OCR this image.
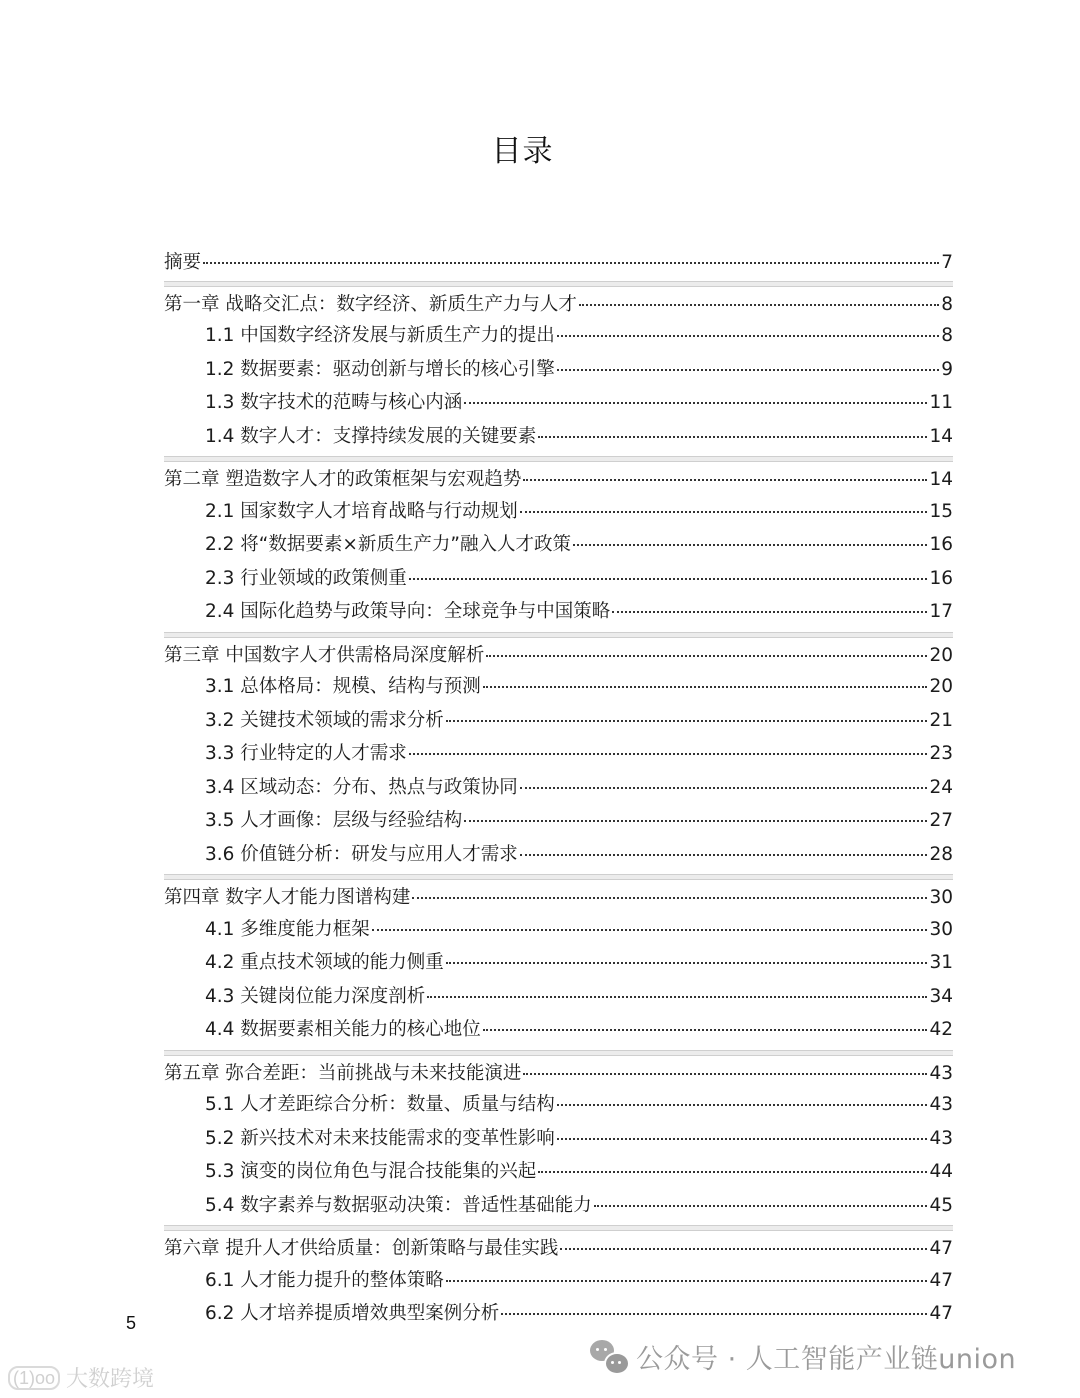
目录
摘要	7
第一章 战略交汇点：数字经济、新质生产力与人才	8
1.1 中国数字经济发展与新质生产力的提出	8
1.2 数据要素：驱动创新与增长的核心引擎	9
1.3 数字技术的范畴与核心内涵	11
1.4 数字人才：支撑持续发展的关键要素	14
第二章 塑造数字人才的政策框架与宏观趋势	14
2.1 国家数字人才培育战略与行动规划	15
2.2 将“数据要素×新质生产力”融入人才政策	16
2.3 行业领域的政策侧重	16
2.4 国际化趋势与政策导向：全球竞争与中国策略	17
第三章 中国数字人才供需格局深度解析	20
3.1 总体格局：规模、结构与预测	20
3.2 关键技术领域的需求分析	21
3.3 行业特定的人才需求	23
3.4 区域动态：分布、热点与政策协同	24
3.5 人才画像：层级与经验结构	27
3.6 价值链分析：研发与应用人才需求	28
第四章 数字人才能力图谱构建	30
4.1 多维度能力框架	30
4.2 重点技术领域的能力侧重	31
4.3 关键岗位能力深度剖析	34
4.4 数据要素相关能力的核心地位	42
第五章 弥合差距：当前挑战与未来技能演进	43
5.1 人才差距综合分析：数量、质量与结构	43
5.2 新兴技术对未来技能需求的变革性影响	43
5.3 演变的岗位角色与混合技能集的兴起	44
5.4 数字素养与数据驱动决策：普适性基础能力	45
第六章 提升人才供给质量：创新策略与最佳实践	47
6.1 人才能力提升的整体策略	47
6.2 人才培养提质增效典型案例分析	47
5
公众号 · 人工智能产业链union
(1)oo 大数跨境
